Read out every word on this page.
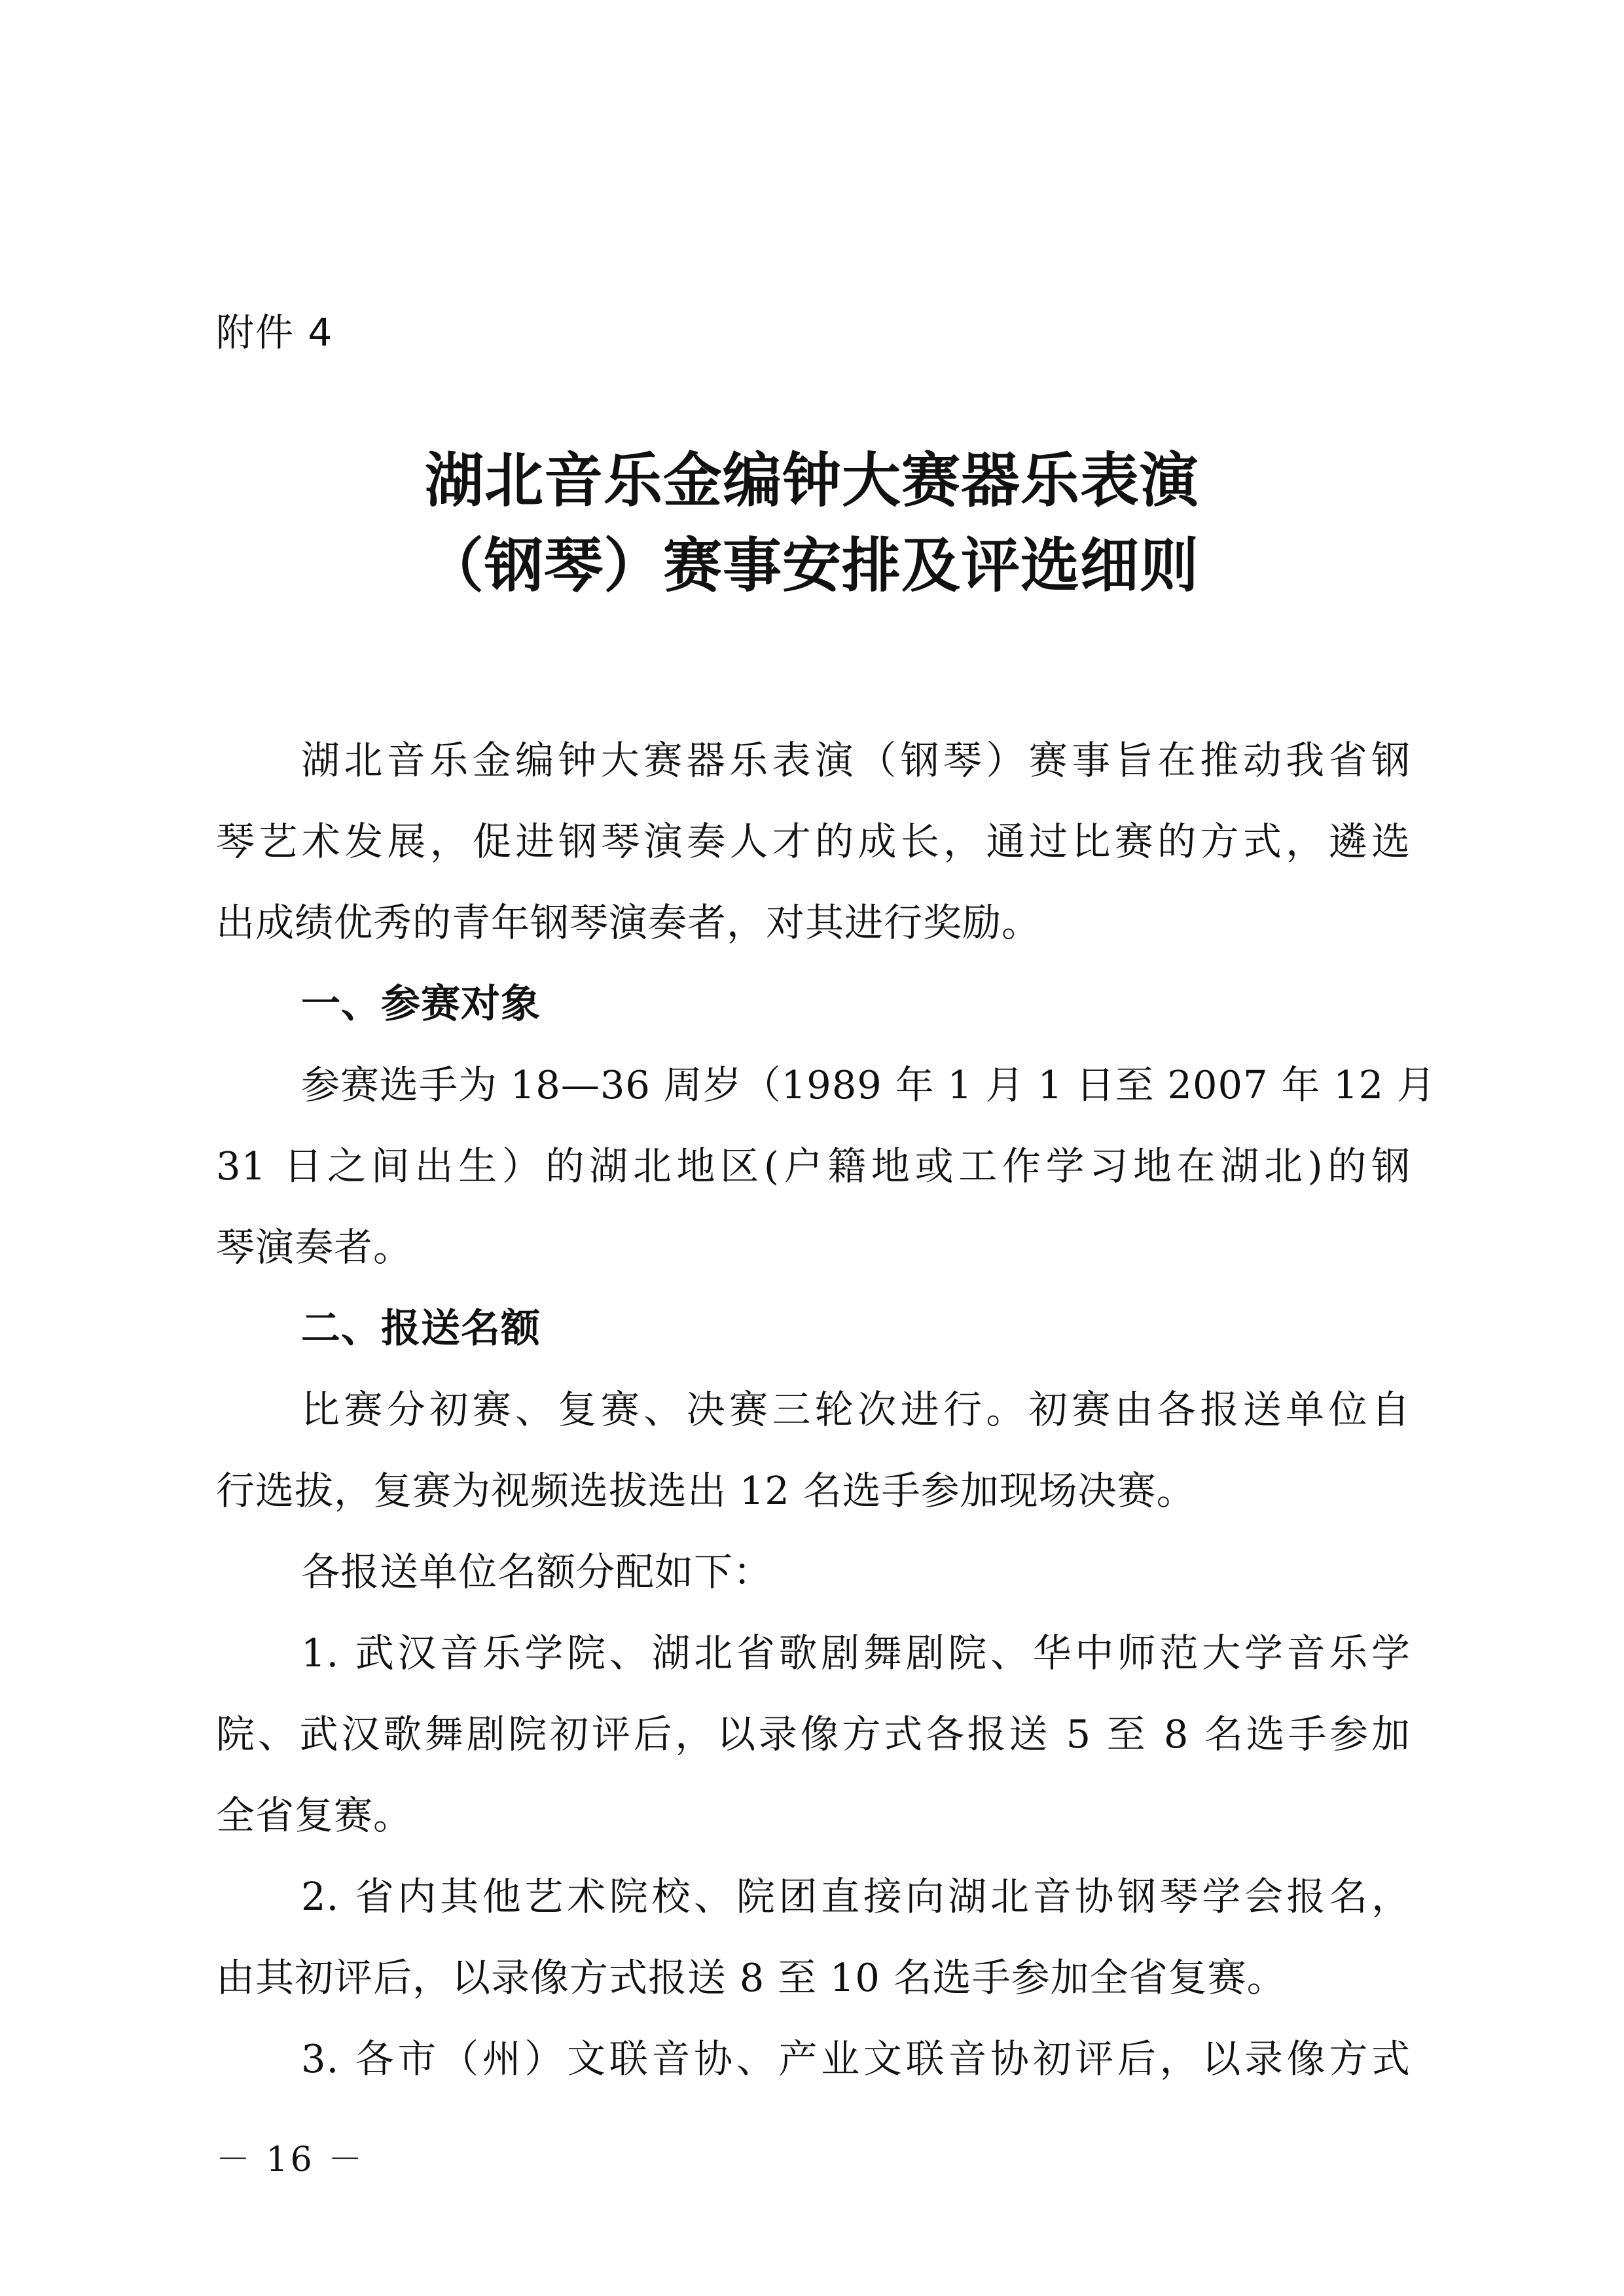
附件 4
湖北音乐金编钟大赛器乐表演
（钢琴）赛事安排及评选细则
湖北音乐金编钟大赛器乐表演（钢琴）赛事旨在推动我省钢
琴艺术发展，促进钢琴演奏人才的成长，通过比赛的方式，遴选
出成绩优秀的青年钢琴演奏者，对其进行奖励。
一、参赛对象
参赛选手为 18—36 周岁（1989 年 1 月 1 日至 2007 年 12 月
31 日之间出生）的湖北地区(户籍地或工作学习地在湖北)的钢
琴演奏者。
二、报送名额
比赛分初赛、复赛、决赛三轮次进行。初赛由各报送单位自
行选拔，复赛为视频选拔选出 12 名选手参加现场决赛。
各报送单位名额分配如下：
1. 武汉音乐学院、湖北省歌剧舞剧院、华中师范大学音乐学
院、武汉歌舞剧院初评后，以录像方式各报送 5 至 8 名选手参加
全省复赛。
2. 省内其他艺术院校、院团直接向湖北音协钢琴学会报名，
由其初评后，以录像方式报送 8 至 10 名选手参加全省复赛。
3. 各市（州）文联音协、产业文联音协初评后，以录像方式
－ 16 －
